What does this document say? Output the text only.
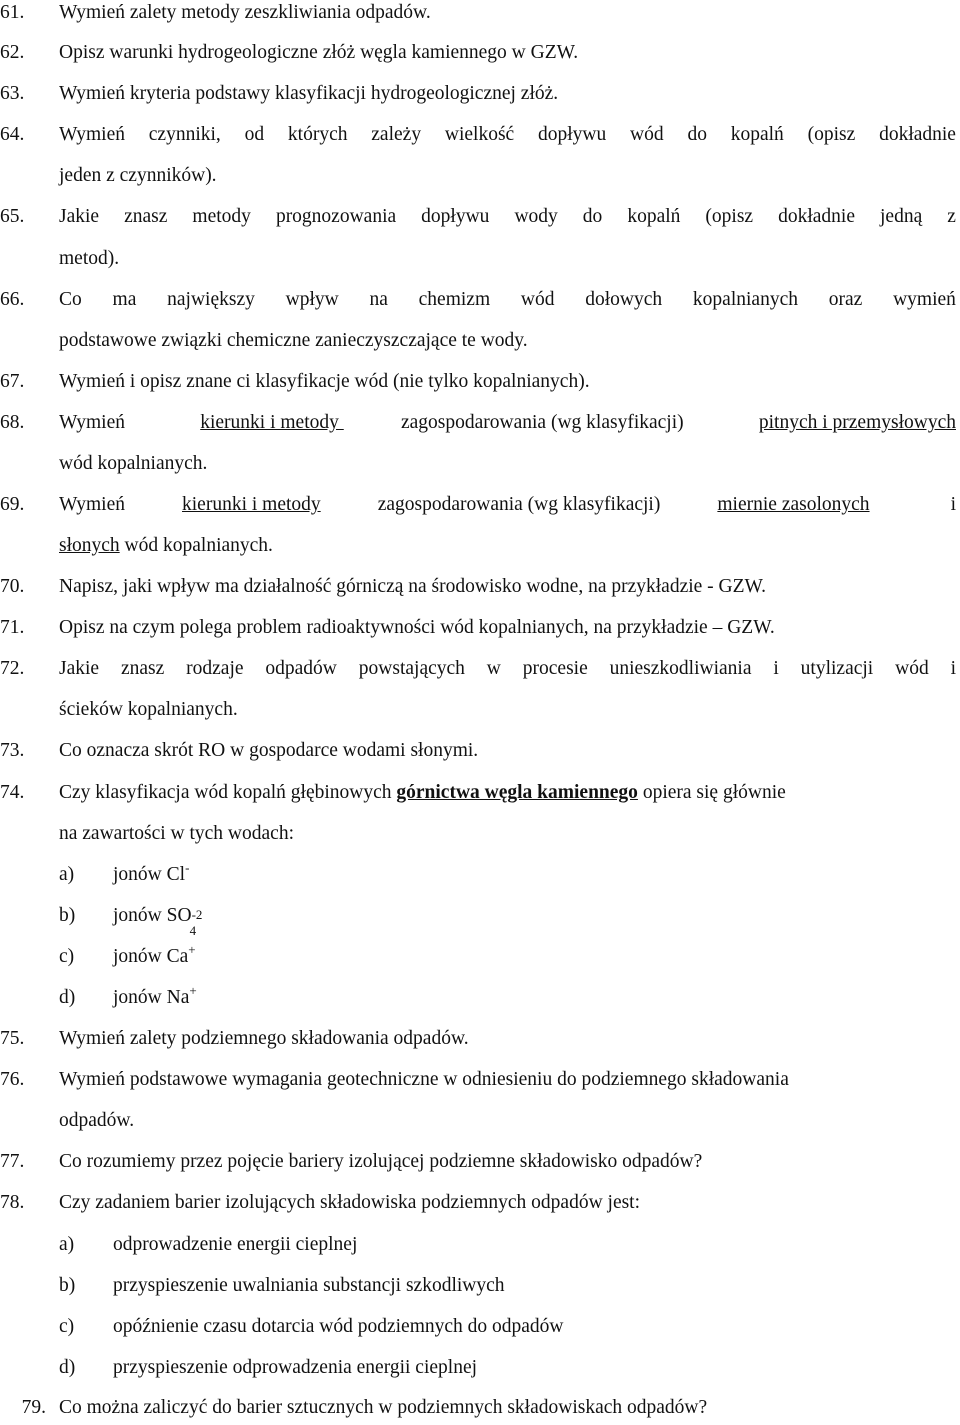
61.	Wymień zalety metody zeszkliwiania odpadów.
62.	Opisz warunki hydrogeologiczne złóż węgla kamiennego w GZW.
63.	Wymień kryteria podstawy klasyfikacji hydrogeologicznej złóż.
64.	Wymień czynniki, od których zależy wielkość dopływu wód do kopalń (opisz dokładnie
jeden z czynników).
65.	Jakie znasz metody prognozowania dopływu wody do kopalń (opisz dokładnie jedną z
metod).
66.	Co ma największy wpływ na chemizm wód dołowych kopalnianych oraz wymień
podstawowe związki chemiczne zanieczyszczające te wody.
67.	Wymień i opisz znane ci klasyfikacje wód (nie tylko kopalnianych).
68.	Wymień	kierunki i metody	zagospodarowania (wg klasyfikacji)	pitnych i przemysłowych
wód kopalnianych.
69.	Wymień	kierunki i metody	zagospodarowania (wg klasyfikacji)	miernie zasolonych	i
słonych wód kopalnianych.
70.	Napisz, jaki wpływ ma działalność górniczą na środowisko wodne, na przykładzie - GZW.
71.	Opisz na czym polega problem radioaktywności wód kopalnianych, na przykładzie – GZW.
72.	Jakie znasz rodzaje odpadów powstających w procesie unieszkodliwiania i utylizacji wód i
ścieków kopalnianych.
73.	Co oznacza skrót RO w gospodarce wodami słonymi.
74.	Czy klasyfikacja wód kopalń głębinowych górnictwa węgla kamiennego opiera się głównie
na zawartości w tych wodach:
a) jonów Cl-
b) jonów SO -2
4
c) jonów Ca+
d) jonów Na+
75.	Wymień zalety podziemnego składowania odpadów.
76.	Wymień podstawowe wymagania geotechniczne w odniesieniu do podziemnego składowania
odpadów.
77.	Co rozumiemy przez pojęcie bariery izolującej podziemne składowisko odpadów?
78.	Czy zadaniem barier izolujących składowiska podziemnych odpadów jest:
a) odprowadzenie energii cieplnej
b) przyspieszenie uwalniania substancji szkodliwych
c) opóźnienie czasu dotarcia wód podziemnych do odpadów
d) przyspieszenie odprowadzenia energii cieplnej
79. Co można zaliczyć do barier sztucznych w podziemnych składowiskach odpadów?
